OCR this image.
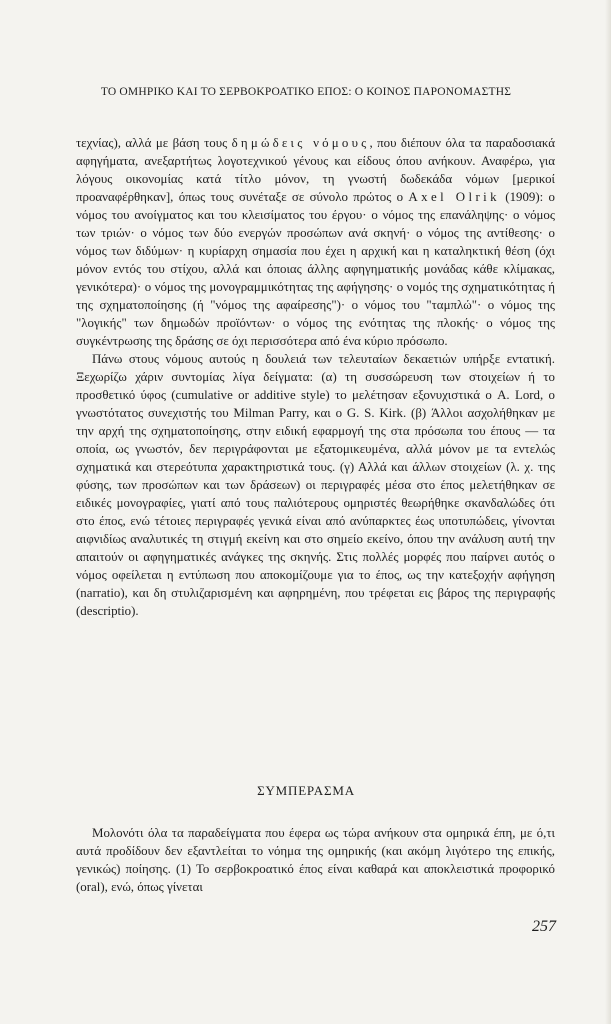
ΤΟ ΟΜΗΡΙΚΟ ΚΑΙ ΤΟ ΣΕΡΒΟΚΡΟΑΤΙΚΟ ΕΠΟΣ: Ο ΚΟΙΝΟΣ ΠΑΡΟΝΟΜΑΣΤΗΣ

τεχνίας), αλλά με βάση τους δημώδεις νόμους, που διέπουν όλα τα παραδοσιακά αφηγήματα, ανεξαρτήτως λογοτεχνικού γένους και είδους όπου ανήκουν. Αναφέρω, για λόγους οικονομίας κατά τίτλο μόνον, τη γνωστή δωδεκάδα νόμων [μερικοί προαναφέρθηκαν], όπως τους συνέταξε σε σύνολο πρώτος ο Axel Olrik (1909): ο νόμος του ανοίγματος και του κλεισίματος του έργου· ο νόμος της επανάληψης· ο νόμος των τριών· ο νόμος των δύο ενεργών προσώπων ανά σκηνή· ο νόμος της αντίθεσης· ο νόμος των διδύμων· η κυρίαρχη σημασία που έχει η αρχική και η καταληκτική θέση (όχι μόνον εντός του στίχου, αλλά και όποιας άλλης αφηγηματικής μονάδας κάθε κλίμακας, γενικότερα)· ο νόμος της μονογραμμικότητας της αφήγησης· ο νομός της σχηματικότητας ή της σχηματοποίησης (ή "νόμος της αφαίρεσης")· ο νόμος του "ταμπλώ"· ο νόμος της "λογικής" των δημωδών προϊόντων· ο νόμος της ενότητας της πλοκής· ο νόμος της συγκέντρωσης της δράσης σε όχι περισσότερα από ένα κύριο πρόσωπο.

Πάνω στους νόμους αυτούς η δουλειά των τελευταίων δεκαετιών υπήρξε εντατική. Ξεχωρίζω χάριν συντομίας λίγα δείγματα: (α) τη συσσώρευση των στοιχείων ή το προσθετικό ύφος (cumulative or additive style) το μελέτησαν εξονυχιστικά ο A. Lord, ο γνωστότατος συνεχιστής του Milman Parry, και ο G. S. Kirk. (β) Άλλοι ασχολήθηκαν με την αρχή της σχηματοποίησης, στην ειδική εφαρμογή της στα πρόσωπα του έπους — τα οποία, ως γνωστόν, δεν περιγράφονται με εξατομικευμένα, αλλά μόνον με τα εντελώς σχηματικά και στερεότυπα χαρακτηριστικά τους. (γ) Αλλά και άλλων στοιχείων (λ. χ. της φύσης, των προσώπων και των δράσεων) οι περιγραφές μέσα στο έπος μελετήθηκαν σε ειδικές μονογραφίες, γιατί από τους παλιότερους ομηριστές θεωρήθηκε σκανδαλώδες ότι στο έπος, ενώ τέτοιες περιγραφές γενικά είναι από ανύπαρκτες έως υποτυπώδεις, γίνονται αιφνιδίως αναλυτικές τη στιγμή εκείνη και στο σημείο εκείνο, όπου την ανάλυση αυτή την απαιτούν οι αφηγηματικές ανάγκες της σκηνής. Στις πολλές μορφές που παίρνει αυτός ο νόμος οφείλεται η εντύπωση που αποκομίζουμε για το έπος, ως την κατεξοχήν αφήγηση (narratio), και δη στυλιζαρισμένη και αφηρημένη, που τρέφεται εις βάρος της περιγραφής (descriptio).

ΣΥΜΠΕΡΑΣΜΑ

Μολονότι όλα τα παραδείγματα που έφερα ως τώρα ανήκουν στα ομηρικά έπη, με ό,τι αυτά προδίδουν δεν εξαντλείται το νόημα της ομηρικής (και ακόμη λιγότερο της επικής, γενικώς) ποίησης. (1) Το σερβοκροατικό έπος είναι καθαρά και αποκλειστικά προφορικό (oral), ενώ, όπως γίνεται

257
